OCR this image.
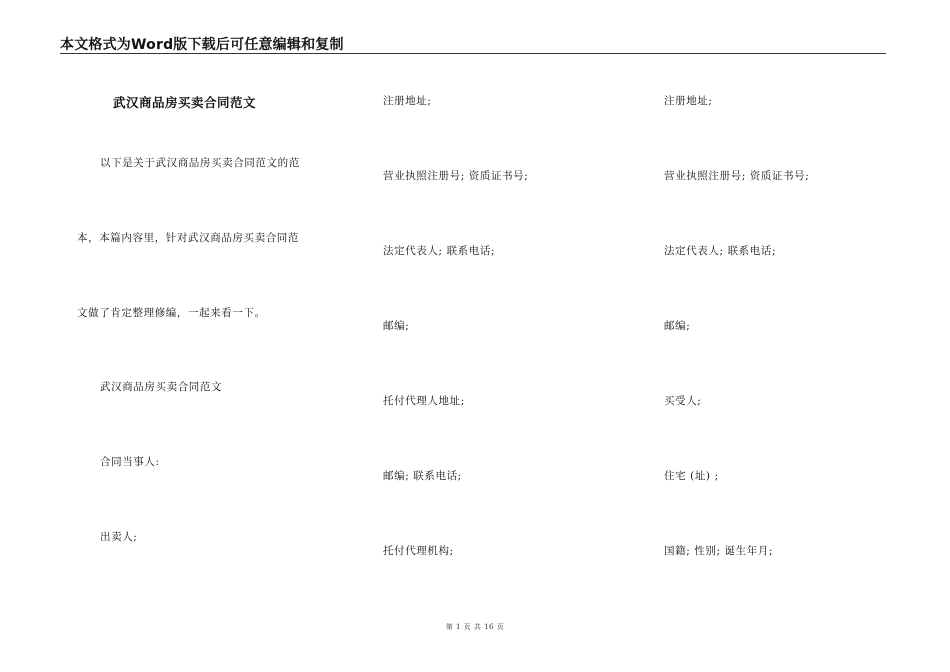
本文格式为Word版下载后可任意编辑和复制
武汉商品房买卖合同范文
以下是关于武汉商品房买卖合同范文的范
本，本篇内容里，针对武汉商品房买卖合同范
文做了肯定整理修编，一起来看一下。
武汉商品房买卖合同范文
合同当事人:
出卖人;
注册地址;
营业执照注册号; 资质证书号;
法定代表人; 联系电话;
邮编;
托付代理人地址;
邮编; 联系电话;
托付代理机构;
注册地址;
营业执照注册号; 资质证书号;
法定代表人; 联系电话;
邮编;
买受人;
住宅 (址) ;
国籍; 性别; 诞生年月;
第 1 页 共 16 页
